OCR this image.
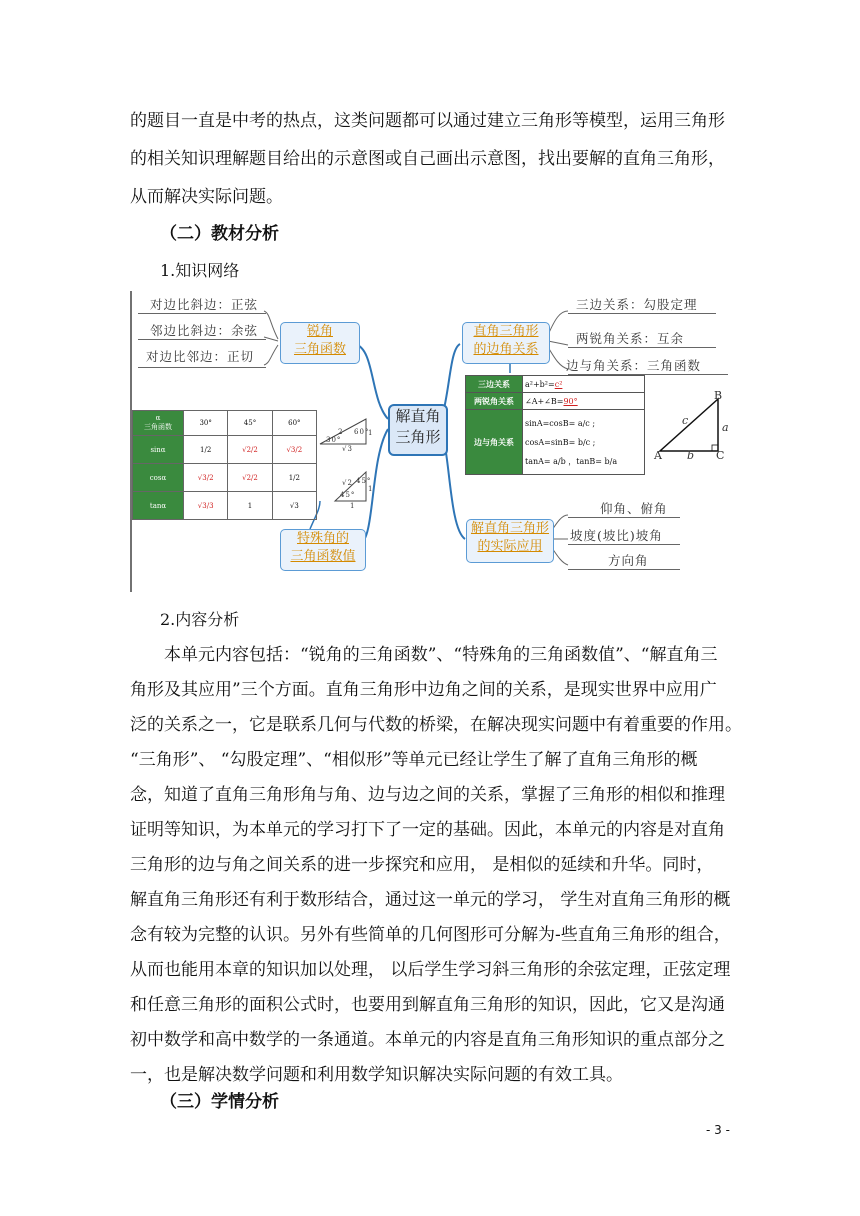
的题目一直是中考的热点，这类问题都可以通过建立三角形等模型，运用三角形
的相关知识理解题目给出的示意图或自己画出示意图，找出要解的直角三角形，
从而解决实际问题。
（二）教材分析
1.知识网络
对边比斜边：正弦
邻边比斜边：余弦
对边比邻边：正切
锐角
三角函数
解直角
三角形
直角三角形
的边角关系
三边关系：勾股定理
两锐角关系：互余
边与角关系：三角函数
三边关系	a²+b²=c²
两锐角关系	∠A+∠B=90°
边与角关系	sinA=cosB= a/c ;
cosA=sinB= b/c ;
tanA= a/b ，tanB= b/a	A
B
C
a
b
c
α
三角函数	30°	45°	60°
sinα	1/2	√2/2	√3/2
cosα	√3/2	√2/2	1/2
tanα	√3/3	1	√3
2 60°
30°
1
√3
√2 45°
1
45°
1
特殊角的
三角函数值
解直角三角形
的实际应用
仰角、俯角
坡度(坡比)坡角
方向角
2.内容分析
本单元内容包括：“锐角的三角函数”、“特殊角的三角函数值”、“解直角三
角形及其应用”三个方面。直角三角形中边角之间的关系，是现实世界中应用广
泛的关系之一，它是联系几何与代数的桥梁，在解决现实问题中有着重要的作用。
“三角形”、 “勾股定理”、“相似形”等单元已经让学生了解了直角三角形的概
念，知道了直角三角形角与角、边与边之间的关系，掌握了三角形的相似和推理
证明等知识，为本单元的学习打下了一定的基础。因此，本单元的内容是对直角
三角形的边与角之间关系的进一步探究和应用， 是相似的延续和升华。同时，
解直角三角形还有利于数形结合，通过这一单元的学习， 学生对直角三角形的概
念有较为完整的认识。另外有些简单的几何图形可分解为-些直角三角形的组合，
从而也能用本章的知识加以处理， 以后学生学习斜三角形的余弦定理，正弦定理
和任意三角形的面积公式时，也要用到解直角三角形的知识，因此，它又是沟通
初中数学和高中数学的一条通道。本单元的内容是直角三角形知识的重点部分之
一，也是解决数学问题和利用数学知识解决实际问题的有效工具。
（三）学情分析
- 3 -
